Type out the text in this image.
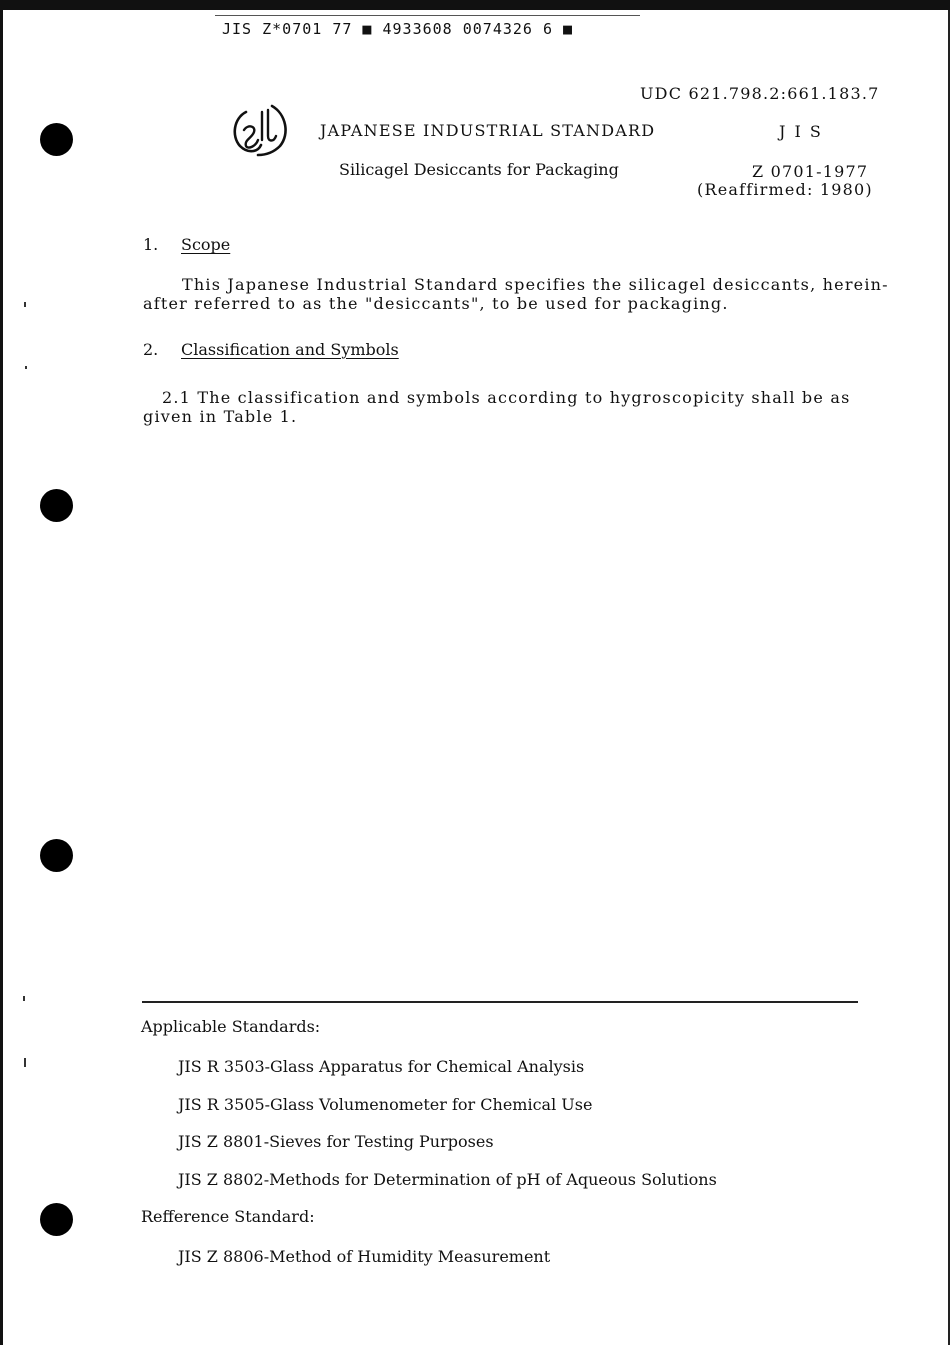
JIS Z*0701 77 ■ 4933608 0074326 6 ■
UDC 621.798.2:661.183.7
JAPANESE INDUSTRIAL STANDARD	J I S
Silicagel Desiccants for Packaging	Z 0701-1977
(Reaffirmed: 1980)
1. Scope
This Japanese Industrial Standard specifies the silicagel desiccants, herein-
after referred to as the "desiccants", to be used for packaging.
2. Classification and Symbols
2.1 The classification and symbols according to hygroscopicity shall be as
given in Table 1.
Applicable Standards:
JIS R 3503-Glass Apparatus for Chemical Analysis
JIS R 3505-Glass Volumenometer for Chemical Use
JIS Z 8801-Sieves for Testing Purposes
JIS Z 8802-Methods for Determination of pH of Aqueous Solutions
Refference Standard:
JIS Z 8806-Method of Humidity Measurement
